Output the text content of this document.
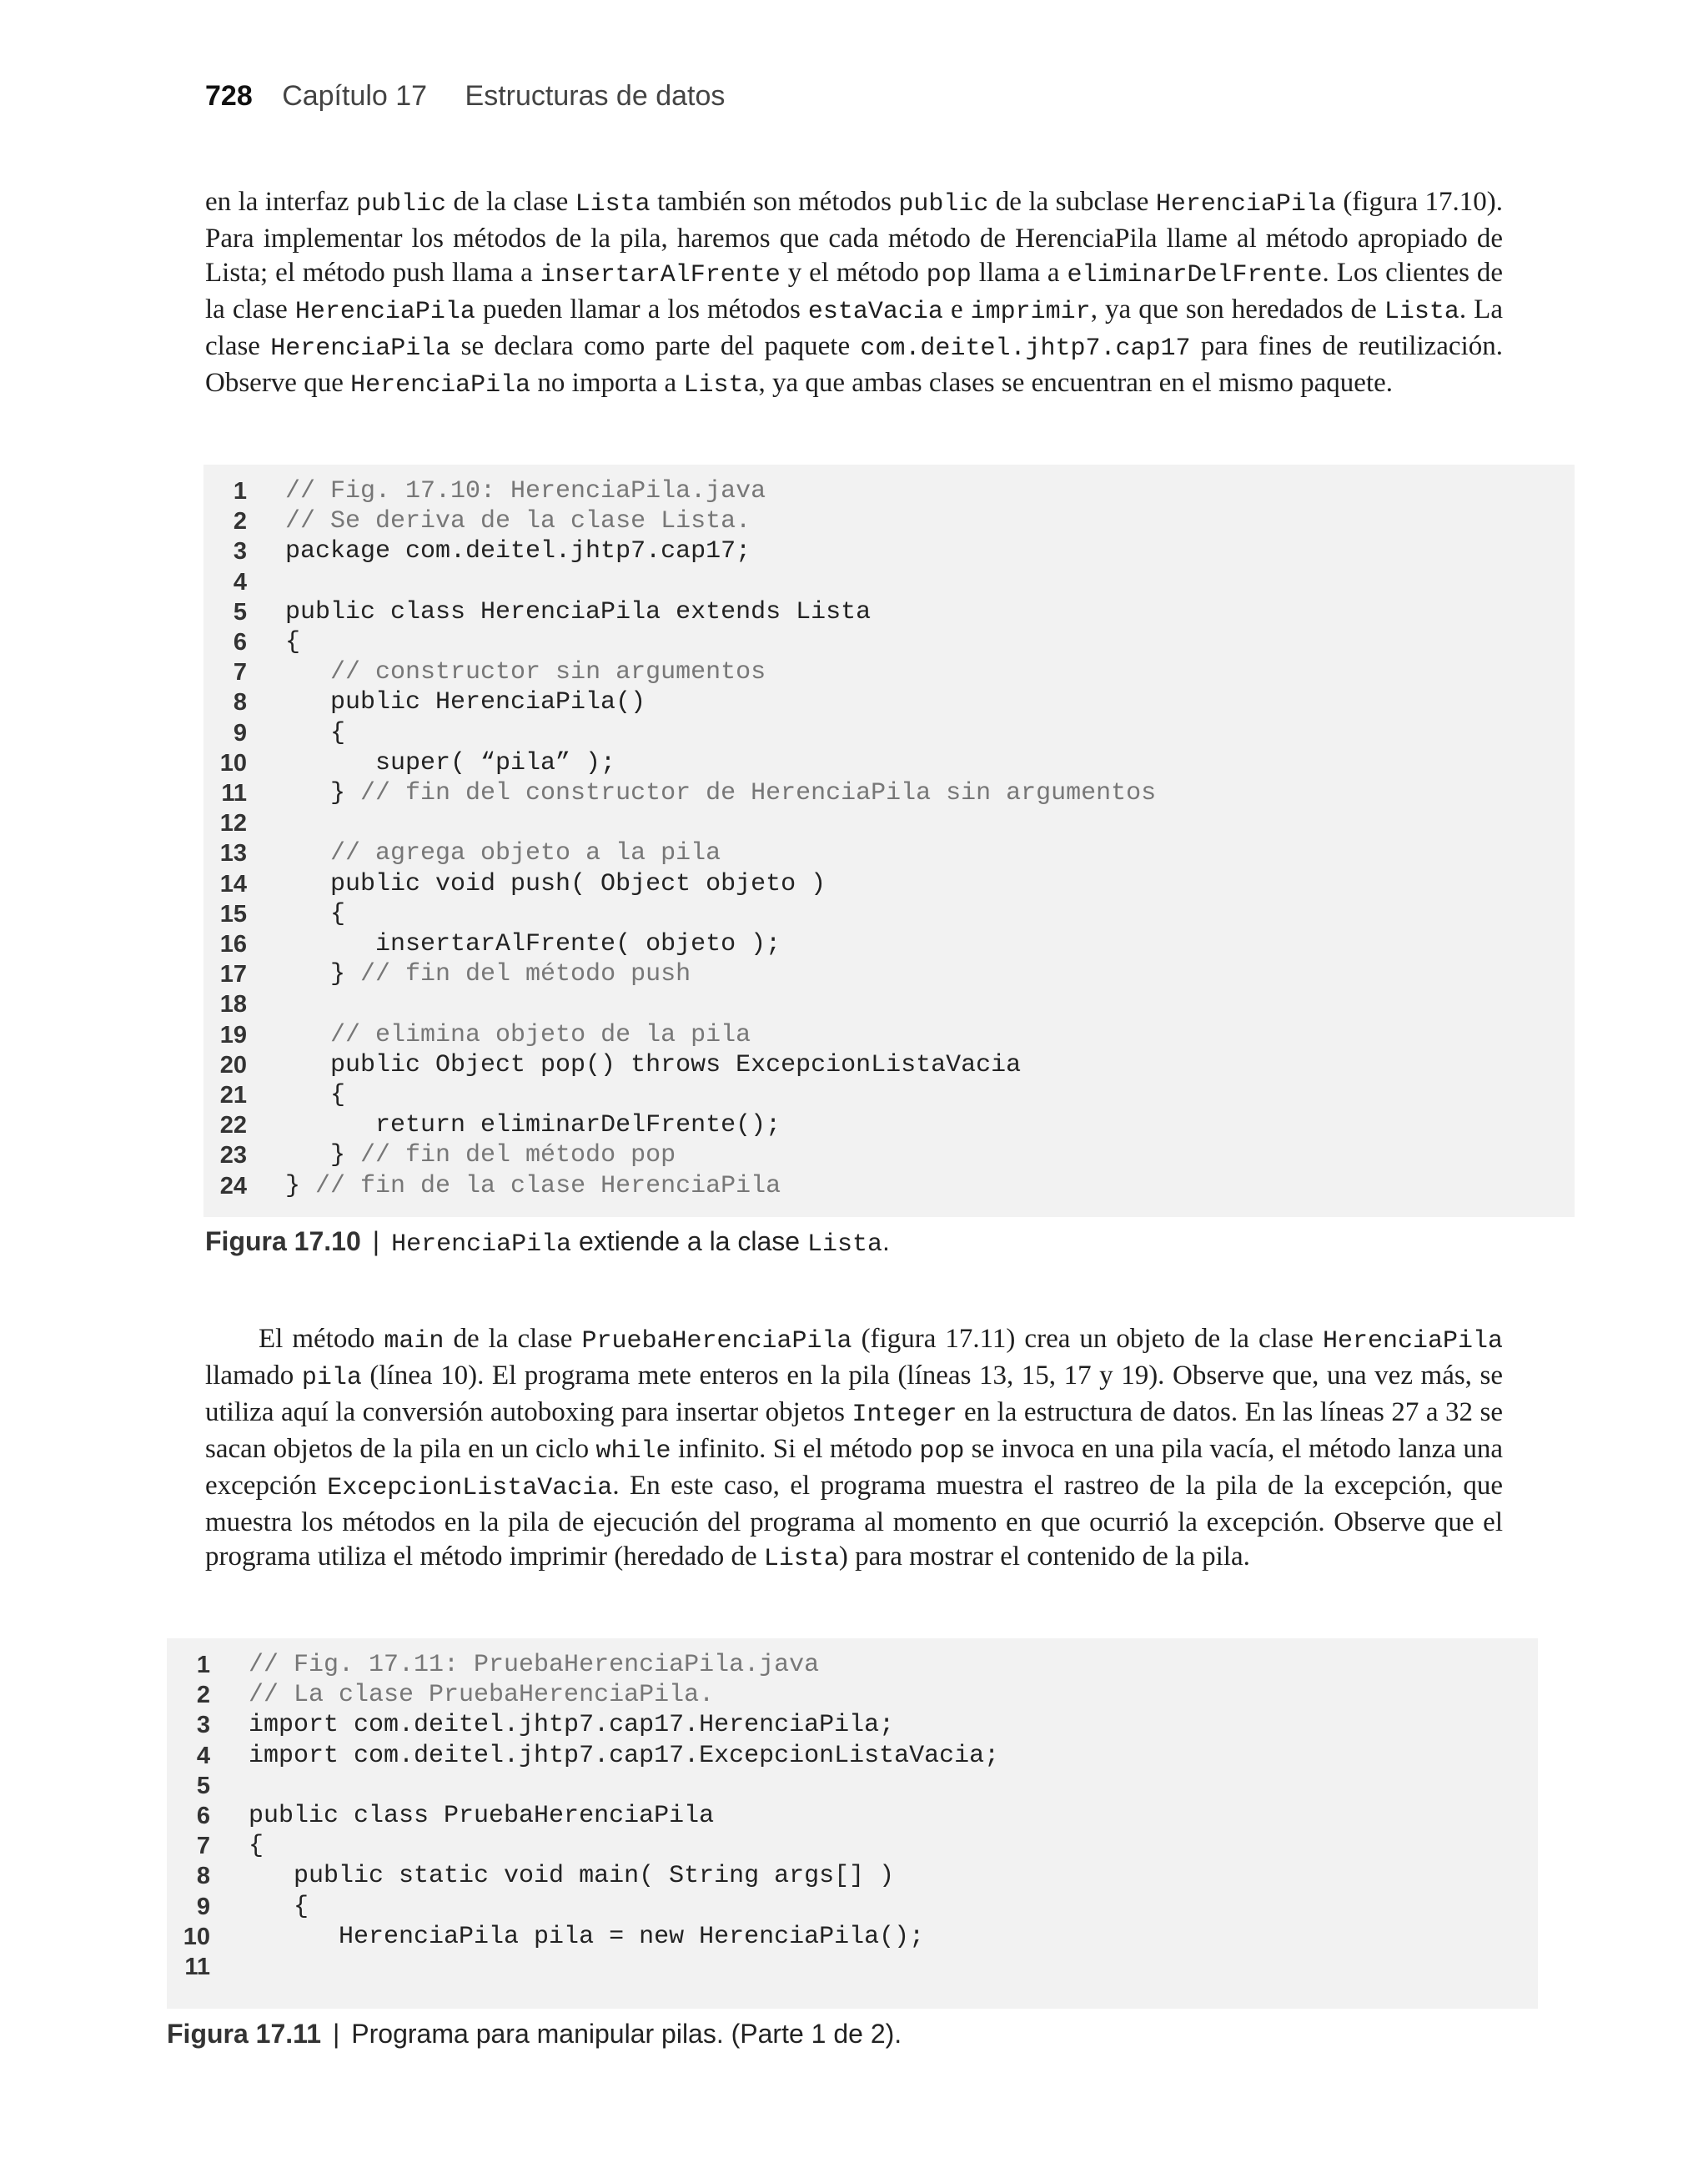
728 Capítulo 17 Estructuras de datos
en la interfaz public de la clase Lista también son métodos public de la subclase HerenciaPila (figura 17.10). Para implementar los métodos de la pila, haremos que cada método de HerenciaPila llame al método apropiado de Lista; el método push llama a insertarAlFrente y el método pop llama a eliminarDelFrente. Los clientes de la clase HerenciaPila pueden llamar a los métodos estaVacia e imprimir, ya que son heredados de Lista. La clase HerenciaPila se declara como parte del paquete com.deitel.jhtp7.cap17 para fines de reutilización. Observe que HerenciaPila no importa a Lista, ya que ambas clases se encuentran en el mismo paquete.
1 // Fig. 17.10: HerenciaPila.java
2 // Se deriva de la clase Lista.
3 package com.deitel.jhtp7.cap17;
4
5 public class HerenciaPila extends Lista
6 {
7	// constructor sin argumentos
8 public HerenciaPila()
9 {
10 super( “pila” );
11 } // fin del constructor de HerenciaPila sin argumentos
12
13	// agrega objeto a la pila
14 public void push( Object objeto )
15 {
16 insertarAlFrente( objeto );
17 } // fin del método push
18
19	// elimina objeto de la pila
20 public Object pop() throws ExcepcionListaVacia
21 {
22 return eliminarDelFrente();
23 } // fin del método pop
24 } // fin de la clase HerenciaPila
Figura 17.10 | HerenciaPila extiende a la clase Lista.
El método main de la clase PruebaHerenciaPila (figura 17.11) crea un objeto de la clase HerenciaPila llamado pila (línea 10). El programa mete enteros en la pila (líneas 13, 15, 17 y 19). Observe que, una vez más, se utiliza aquí la conversión autoboxing para insertar objetos Integer en la estructura de datos. En las líneas 27 a 32 se sacan objetos de la pila en un ciclo while infinito. Si el método pop se invoca en una pila vacía, el método lanza una excepción ExcepcionListaVacia. En este caso, el programa muestra el rastreo de la pila de la excepción, que muestra los métodos en la pila de ejecución del programa al momento en que ocurrió la excepción. Observe que el programa utiliza el método imprimir (heredado de Lista) para mostrar el contenido de la pila.
1 // Fig. 17.11: PruebaHerenciaPila.java
2 // La clase PruebaHerenciaPila.
3 import com.deitel.jhtp7.cap17.HerenciaPila;
4 import com.deitel.jhtp7.cap17.ExcepcionListaVacia;
5
6 public class PruebaHerenciaPila
7 {
8 public static void main( String args[] )
9 {
10 HerenciaPila pila = new HerenciaPila();
11
Figura 17.11 | Programa para manipular pilas. (Parte 1 de 2).
